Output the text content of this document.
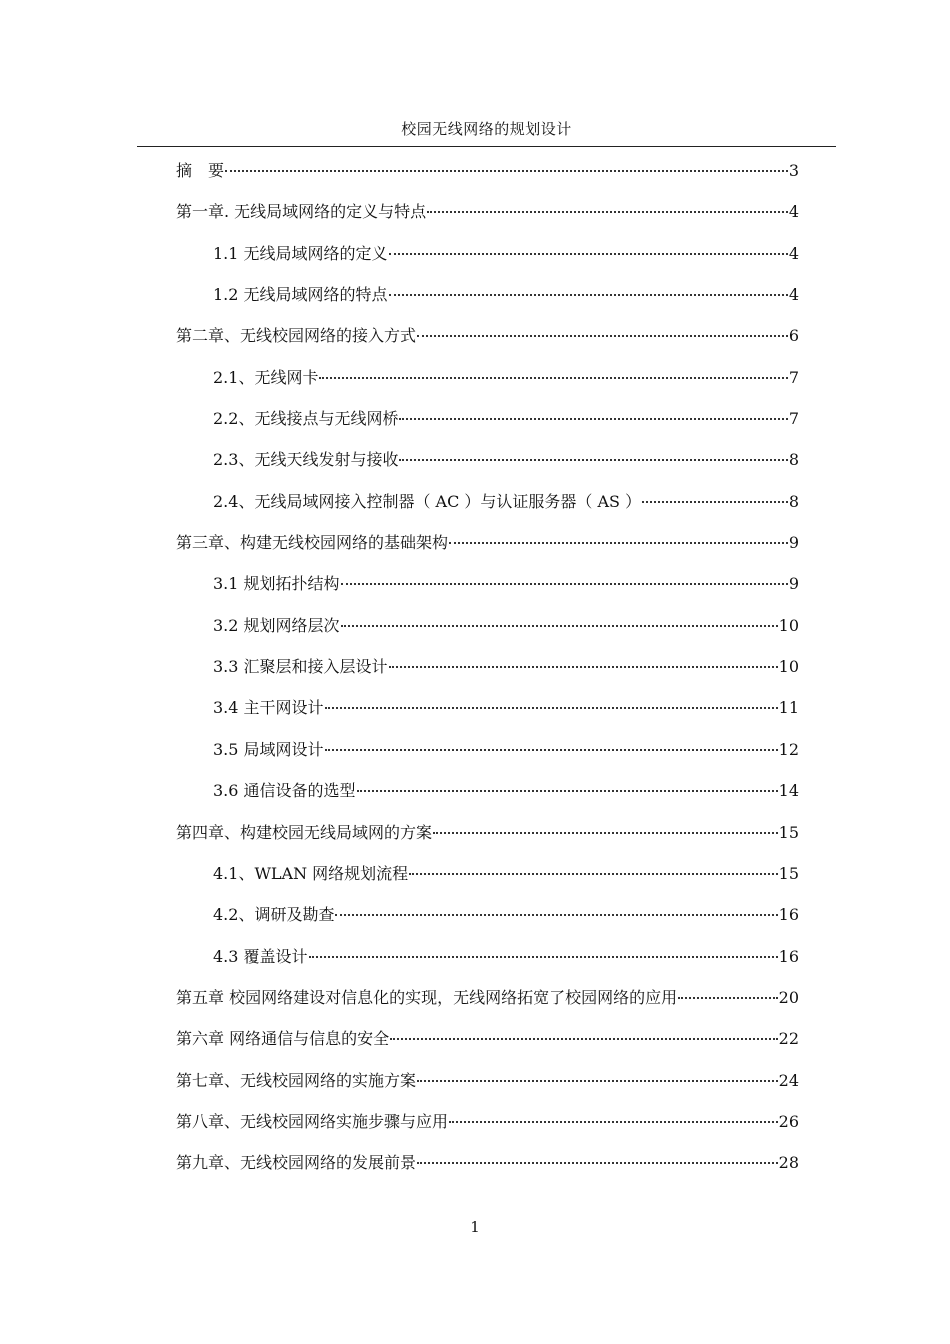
校园无线网络的规划设计
摘　要	3
第一章. 无线局域网络的定义与特点	4
1.1 无线局域网络的定义	4
1.2 无线局域网络的特点	4
第二章、无线校园网络的接入方式	6
2.1、无线网卡	7
2.2、无线接点与无线网桥	7
2.3、无线天线发射与接收	8
2.4、无线局域网接入控制器（ AC ）与认证服务器（ AS ）	8
第三章、构建无线校园网络的基础架构	9
3.1 规划拓扑结构	9
3.2 规划网络层次	10
3.3 汇聚层和接入层设计	10
3.4 主干网设计	11
3.5 局域网设计	12
3.6 通信设备的选型	14
第四章、构建校园无线局域网的方案	15
4.1、WLAN 网络规划流程	15
4.2、调研及勘查	16
4.3 覆盖设计	16
第五章 校园网络建设对信息化的实现，无线网络拓宽了校园网络的应用	20
第六章 网络通信与信息的安全	22
第七章、无线校园网络的实施方案	24
第八章、无线校园网络实施步骤与应用	26
第九章、无线校园网络的发展前景	28
1
